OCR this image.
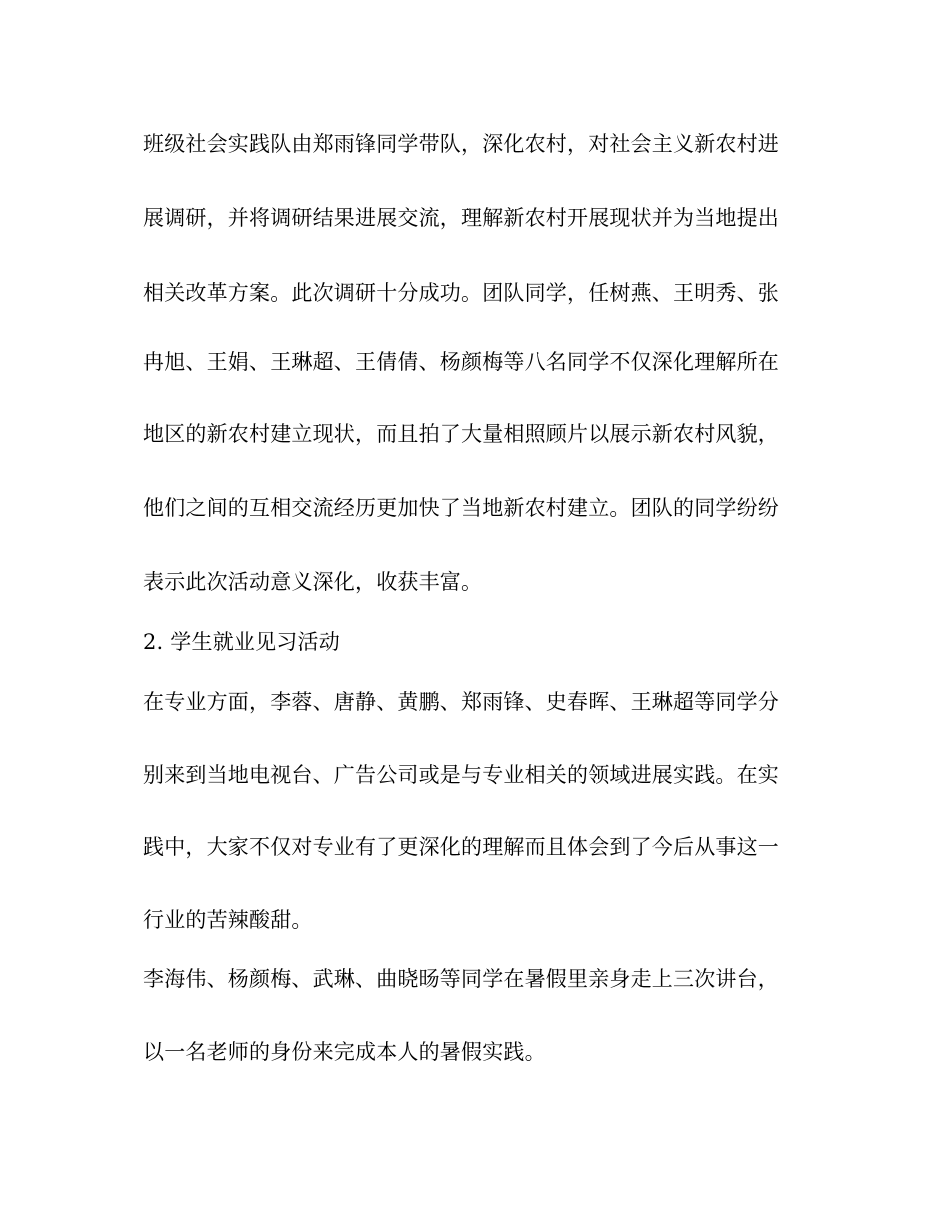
班级社会实践队由郑雨锋同学带队，深化农村，对社会主义新农村进
展调研，并将调研结果进展交流，理解新农村开展现状并为当地提出
相关改革方案。此次调研十分成功。团队同学，任树燕、王明秀、张
冉旭、王娟、王琳超、王倩倩、杨颜梅等八名同学不仅深化理解所在
地区的新农村建立现状，而且拍了大量相照顾片以展示新农村风貌，
他们之间的互相交流经历更加快了当地新农村建立。团队的同学纷纷
表示此次活动意义深化，收获丰富。
2. 学生就业见习活动
在专业方面，李蓉、唐静、黄鹏、郑雨锋、史春晖、王琳超等同学分
别来到当地电视台、广告公司或是与专业相关的领域进展实践。在实
践中，大家不仅对专业有了更深化的理解而且体会到了今后从事这一
行业的苦辣酸甜。
李海伟、杨颜梅、武琳、曲晓旸等同学在暑假里亲身走上三次讲台，
以一名老师的身份来完成本人的暑假实践。
